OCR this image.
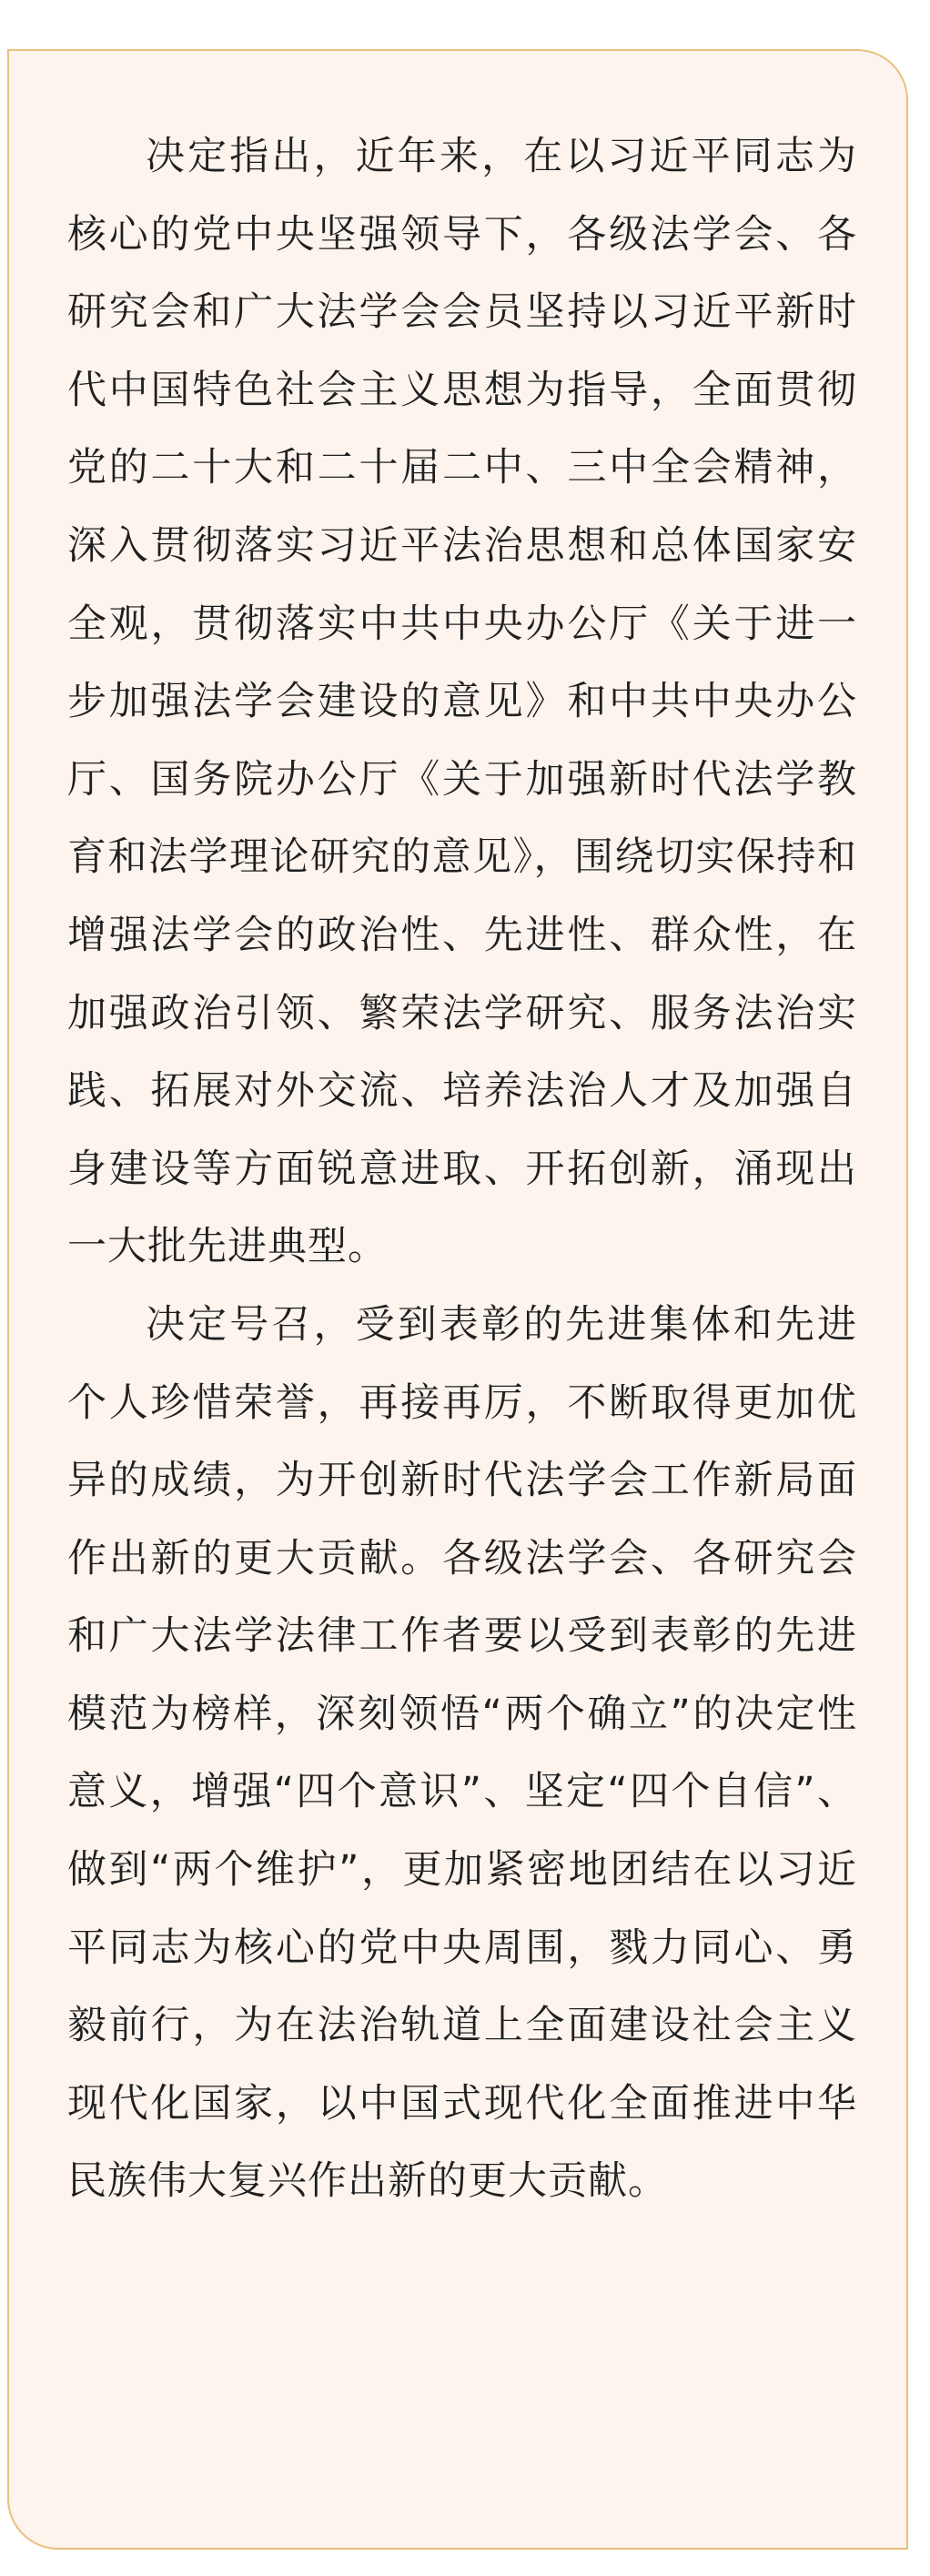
决定指出，近年来，在以习近平同志为核心的党中央坚强领导下，各级法学会、各研究会和广大法学会会员坚持以习近平新时代中国特色社会主义思想为指导，全面贯彻党的二十大和二十届二中、三中全会精神，深入贯彻落实习近平法治思想和总体国家安全观，贯彻落实中共中央办公厅《关于进一步加强法学会建设的意见》和中共中央办公厅、国务院办公厅《关于加强新时代法学教育和法学理论研究的意见》，围绕切实保持和增强法学会的政治性、先进性、群众性，在加强政治引领、繁荣法学研究、服务法治实践、拓展对外交流、培养法治人才及加强自身建设等方面锐意进取、开拓创新，涌现出一大批先进典型。

决定号召，受到表彰的先进集体和先进个人珍惜荣誉，再接再厉，不断取得更加优异的成绩，为开创新时代法学会工作新局面作出新的更大贡献。各级法学会、各研究会和广大法学法律工作者要以受到表彰的先进模范为榜样，深刻领悟“两个确立”的决定性意义，增强“四个意识”、坚定“四个自信”、做到“两个维护”，更加紧密地团结在以习近平同志为核心的党中央周围，戮力同心、勇毅前行，为在法治轨道上全面建设社会主义现代化国家，以中国式现代化全面推进中华民族伟大复兴作出新的更大贡献。
